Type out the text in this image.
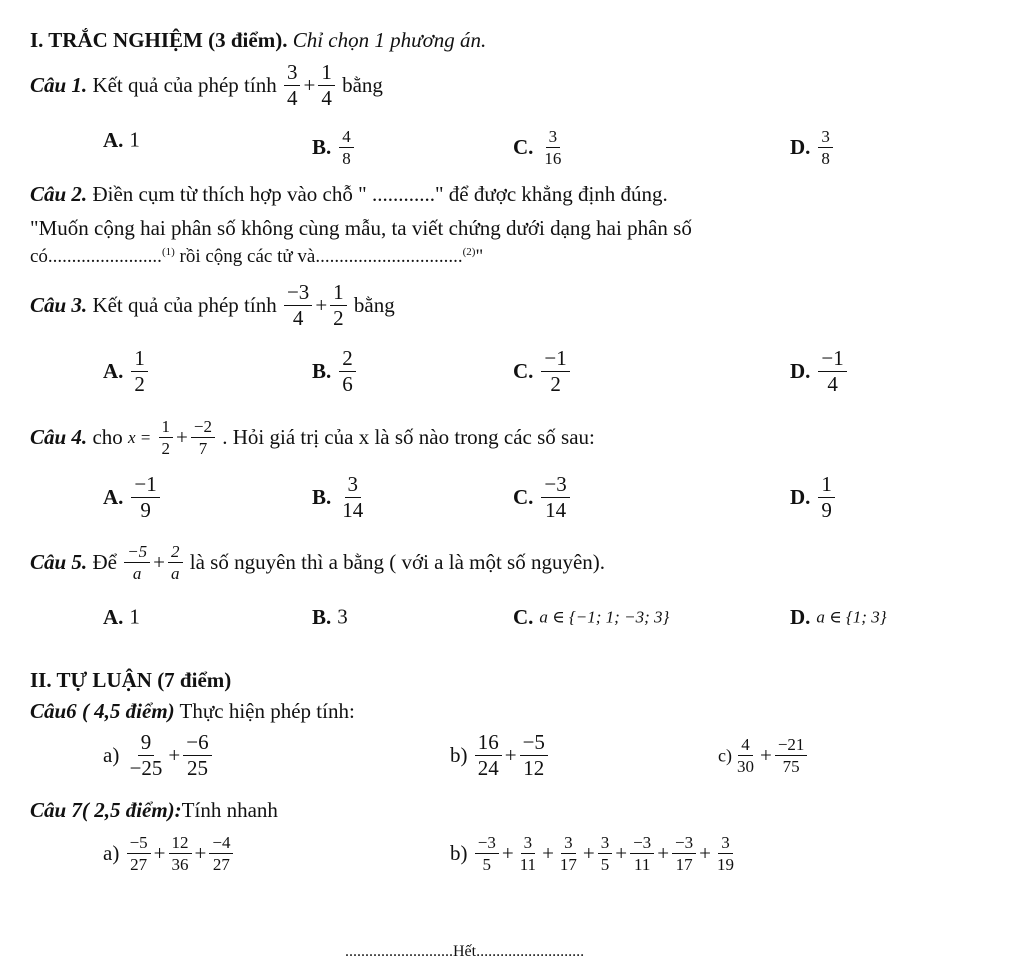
I. TRẮC NGHIỆM (3 điểm). Chỉ chọn 1 phương án.
Câu 1. Kết quả của phép tính $\frac{3}{4} + \frac{1}{4}$ bằng
A. 1	B. $\frac{4}{8}$	C. $\frac{3}{16}$	D. $\frac{3}{8}$
Câu 2. Điền cụm từ thích hợp vào chỗ " ............" để được khẳng định đúng.
"Muốn cộng hai phân số không cùng mẫu, ta viết chứng dưới dạng hai phân số
có........................$^{(1)}$ rồi cộng các tử và...............................$^{(2)}$"
Câu 3. Kết quả của phép tính $\frac{-3}{4} + \frac{1}{2}$ bằng
A. $\frac{1}{2}$	B. $\frac{2}{6}$	C. $\frac{-1}{2}$	D. $\frac{-1}{4}$
Câu 4. cho $x = \frac{1}{2} + \frac{-2}{7}$ . Hỏi giá trị của x là số nào trong các số sau:
A. $\frac{-1}{9}$	B. $\frac{3}{14}$	C. $\frac{-3}{14}$	D. $\frac{1}{9}$
Câu 5. Để $\frac{-5}{a} + \frac{2}{a}$ là số nguyên thì a bằng ( với a là một số nguyên).
A. 1	B. 3	C. a ∈ {−1; 1; −3; 3}	D. a ∈ {1; 3}
II. TỰ LUẬN (7 điểm)
Câu6 ( 4,5 điểm) Thực hiện phép tính:
$a) \frac{9}{-25} + \frac{-6}{25}$	$b) \frac{16}{24} + \frac{-5}{12}$	$c) \frac{4}{30} + \frac{-21}{75}$
Câu 7( 2,5 điểm):Tính nhanh
$a) \frac{-5}{27} + \frac{12}{36} + \frac{-4}{27}$	$b) \frac{-3}{5} + \frac{3}{11} + \frac{3}{17} + \frac{3}{5} + \frac{-3}{11} + \frac{-3}{17} + \frac{3}{19}$
...........................Hết...........................
